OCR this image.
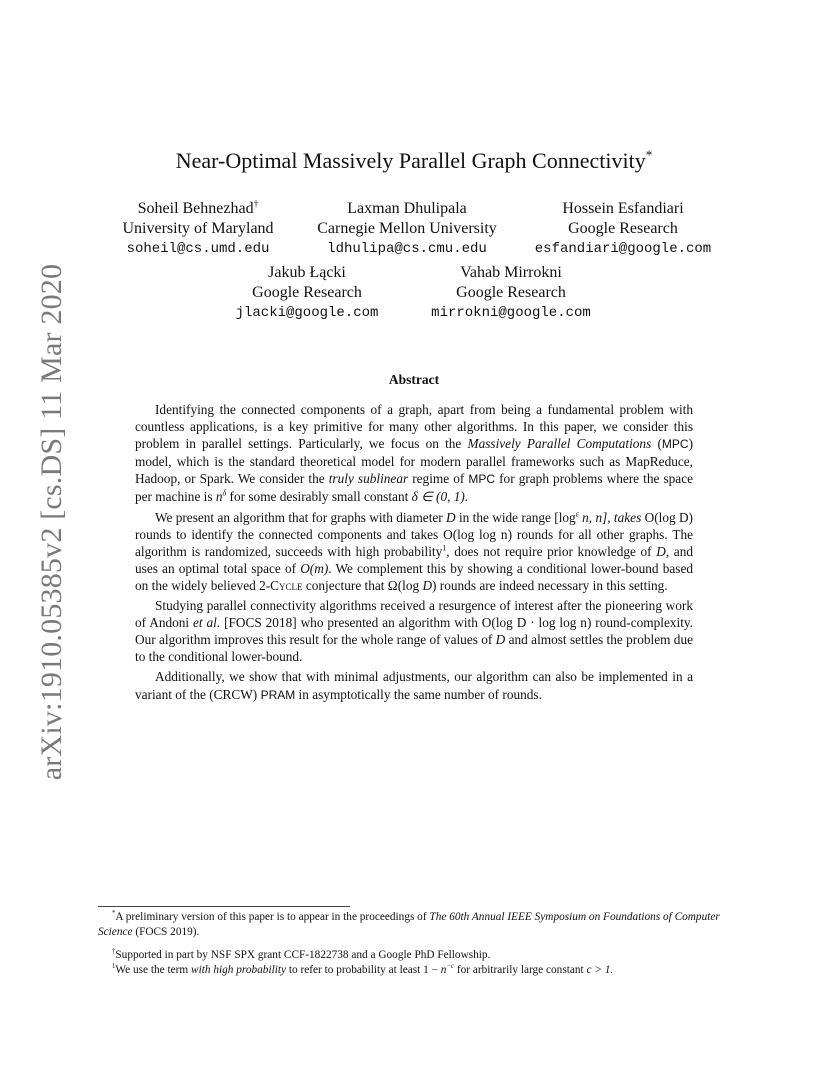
arXiv:1910.05385v2 [cs.DS] 11 Mar 2020
Near-Optimal Massively Parallel Graph Connectivity*
Soheil Behnezhad†
University of Maryland
soheil@cs.umd.edu
Laxman Dhulipala
Carnegie Mellon University
ldhulipa@cs.cmu.edu
Hossein Esfandiari
Google Research
esfandiari@google.com
Jakub Łącki
Google Research
jlacki@google.com
Vahab Mirrokni
Google Research
mirrokni@google.com
Abstract

Identifying the connected components of a graph, apart from being a fundamental problem with countless applications, is a key primitive for many other algorithms. In this paper, we consider this problem in parallel settings. Particularly, we focus on the Massively Parallel Computations (MPC) model, which is the standard theoretical model for modern parallel frameworks such as MapReduce, Hadoop, or Spark. We consider the truly sublinear regime of MPC for graph problems where the space per machine is $n^\delta$ for some desirably small constant δ ∈ (0, 1).

We present an algorithm that for graphs with diameter D in the wide range [$\log^\varepsilon$ n, n], takes O(log D) rounds to identify the connected components and takes O(log log n) rounds for all other graphs. The algorithm is randomized, succeeds with high probability$^1$, does not require prior knowledge of D, and uses an optimal total space of O(m). We complement this by showing a conditional lower-bound based on the widely believed 2-Cycle conjecture that Ω(log D) rounds are indeed necessary in this setting.

Studying parallel connectivity algorithms received a resurgence of interest after the pioneering work of Andoni et al. [FOCS 2018] who presented an algorithm with O(log D · log log n) round-complexity. Our algorithm improves this result for the whole range of values of D and almost settles the problem due to the conditional lower-bound.

Additionally, we show that with minimal adjustments, our algorithm can also be implemented in a variant of the (CRCW) PRAM in asymptotically the same number of rounds.

*A preliminary version of this paper is to appear in the proceedings of The 60th Annual IEEE Symposium on Foundations of Computer Science (FOCS 2019).

†Supported in part by NSF SPX grant CCF-1822738 and a Google PhD Fellowship.

$^1$We use the term with high probability to refer to probability at least $1 - n^{-c}$ for arbitrarily large constant c > 1.
